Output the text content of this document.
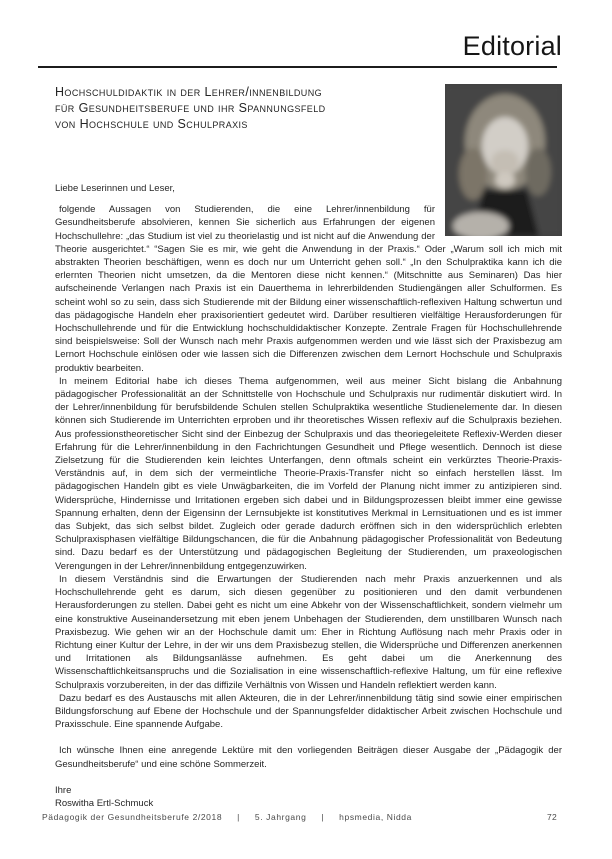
Editorial
Hochschuldidaktik in der Lehrer/innenbildung
für Gesundheitsberufe und ihr Spannungsfeld
von Hochschule und Schulpraxis
Liebe Leserinnen und Leser,

folgende Aussagen von Studierenden, die eine Lehrer/innenbildung für Gesundheitsberufe absolvieren, kennen Sie sicherlich aus Erfahrungen der eigenen Hochschullehre: „das Studium ist viel zu theorielastig und ist nicht auf die Anwendung der Theorie ausgerichtet.“ “Sagen Sie es mir, wie geht die Anwendung in der Praxis.“ Oder „Warum soll ich mich mit abstrakten Theorien beschäftigen, wenn es doch nur um Unterricht gehen soll.“ „In den Schulpraktika kann ich die erlernten Theorien nicht umsetzen, da die Mentoren diese nicht kennen.“ (Mitschnitte aus Seminaren) Das hier aufscheinende Verlangen nach Praxis ist ein Dauerthema in lehrerbildenden Studiengängen aller Schulformen. Es scheint wohl so zu sein, dass sich Studierende mit der Bildung einer wissenschaftlich-reflexiven Haltung schwertun und das pädagogische Handeln eher praxisorientiert gedeutet wird. Darüber resultieren vielfältige Herausforderungen für Hochschullehrende und für die Entwicklung hochschuldidaktischer Konzepte. Zentrale Fragen für Hochschullehrende sind beispielsweise: Soll der Wunsch nach mehr Praxis aufgenommen werden und wie lässt sich der Praxisbezug am Lernort Hochschule einlösen oder wie lassen sich die Differenzen zwischen dem Lernort Hochschule und Schulpraxis produktiv bearbeiten.

In meinem Editorial habe ich dieses Thema aufgenommen, weil aus meiner Sicht bislang die Anbahnung pädagogischer Professionalität an der Schnittstelle von Hochschule und Schulpraxis nur rudimentär diskutiert wird. In der Lehrer/innenbildung für berufsbildende Schulen stellen Schulpraktika wesentliche Studienelemente dar. In diesen können sich Studierende im Unterrichten erproben und ihr theoretisches Wissen reflexiv auf die Schulpraxis beziehen. Aus professionstheoretischer Sicht sind der Einbezug der Schulpraxis und das theoriegeleitete Reflexiv-Werden dieser Erfahrung für die Lehrer/innenbildung in den Fachrichtungen Gesundheit und Pflege wesentlich. Dennoch ist diese Zielsetzung für die Studierenden kein leichtes Unterfangen, denn oftmals scheint ein verkürztes Theorie-Praxis-Verständnis auf, in dem sich der vermeintliche Theorie-Praxis-Transfer nicht so einfach herstellen lässt. Im pädagogischen Handeln gibt es viele Unwägbarkeiten, die im Vorfeld der Planung nicht immer zu antizipieren sind. Widersprüche, Hindernisse und Irritationen ergeben sich dabei und in Bildungsprozessen bleibt immer eine gewisse Spannung erhalten, denn der Eigensinn der Lernsubjekte ist konstitutives Merkmal in Lernsituationen und es ist immer das Subjekt, das sich selbst bildet. Zugleich oder gerade dadurch eröffnen sich in den widersprüchlich erlebten Schulpraxisphasen vielfältige Bildungschancen, die für die Anbahnung pädagogischer Professionalität von Bedeutung sind. Dazu bedarf es der Unterstützung und pädagogischen Begleitung der Studierenden, um praxeologischen Verengungen in der Lehrer/innenbildung entgegenzuwirken.

In diesem Verständnis sind die Erwartungen der Studierenden nach mehr Praxis anzuerkennen und als Hochschullehrende geht es darum, sich diesen gegenüber zu positionieren und den damit verbundenen Herausforderungen zu stellen. Dabei geht es nicht um eine Abkehr von der Wissenschaftlichkeit, sondern vielmehr um eine konstruktive Auseinandersetzung mit eben jenem Unbehagen der Studierenden, dem unstillbaren Wunsch nach Praxisbezug. Wie gehen wir an der Hochschule damit um: Eher in Richtung Auflösung nach mehr Praxis oder in Richtung einer Kultur der Lehre, in der wir uns dem Praxisbezug stellen, die Widersprüche und Differenzen anerkennen und Irritationen als Bildungsanlässe aufnehmen. Es geht dabei um die Anerkennung des Wissenschaftlichkeitsanspruchs und die Sozialisation in eine wissenschaftlich-reflexive Haltung, um für eine reflexive Schulpraxis vorzubereiten, in der das diffizile Verhältnis von Wissen und Handeln reflektiert werden kann.

Dazu bedarf es des Austauschs mit allen Akteuren, die in der Lehrer/innenbildung tätig sind sowie einer empirischen Bildungsforschung auf Ebene der Hochschule und der Spannungsfelder didaktischer Arbeit zwischen Hochschule und Praxisschule. Eine spannende Aufgabe.

Ich wünsche Ihnen eine anregende Lektüre mit den vorliegenden Beiträgen dieser Ausgabe der „Pädagogik der Gesundheitsberufe“ und eine schöne Sommerzeit.

Ihre
Roswitha Ertl-Schmuck
Pädagogik der Gesundheitsberufe 2/2018 | 5. Jahrgang | hpsmedia, Nidda	72
